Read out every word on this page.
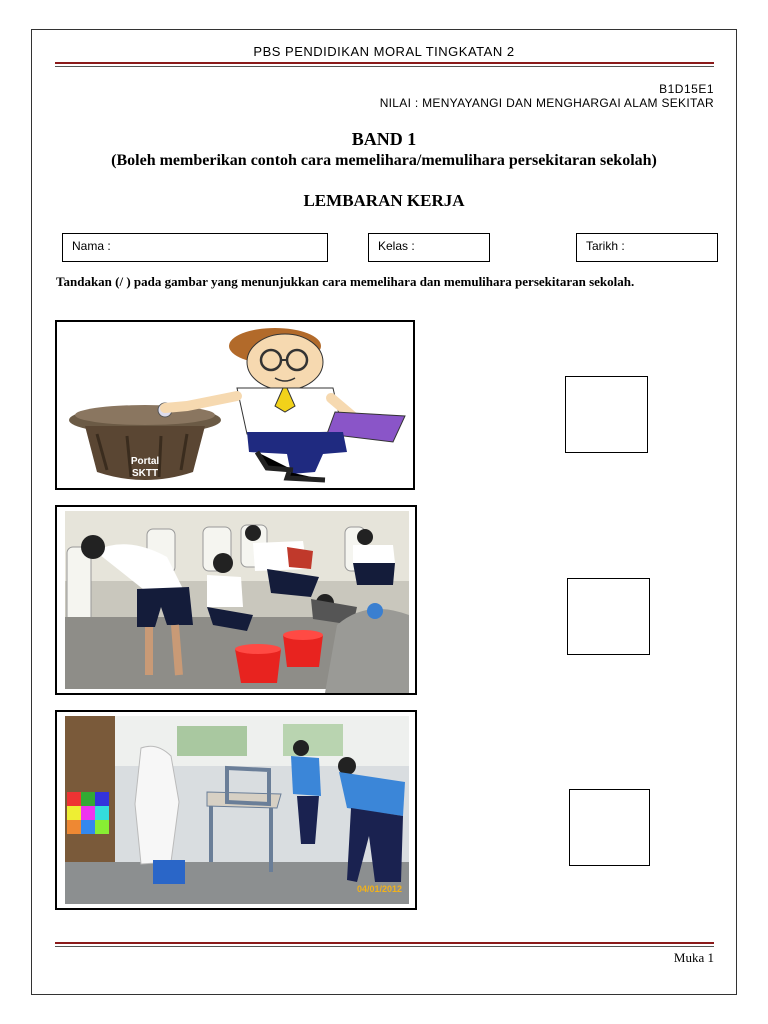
PBS PENDIDIKAN MORAL TINGKATAN 2
B1D15E1
NILAI : MENYAYANGI DAN MENGHARGAI ALAM SEKITAR
BAND 1
(Boleh memberikan contoh cara memelihara/memulihara persekitaran sekolah)
LEMBARAN KERJA
Nama :	Kelas :	Tarikh :
Tandakan (/ ) pada gambar yang menunjukkan cara memelihara dan memulihara persekitaran sekolah.
Portal
SKTT
04/01/2012
Muka 1
